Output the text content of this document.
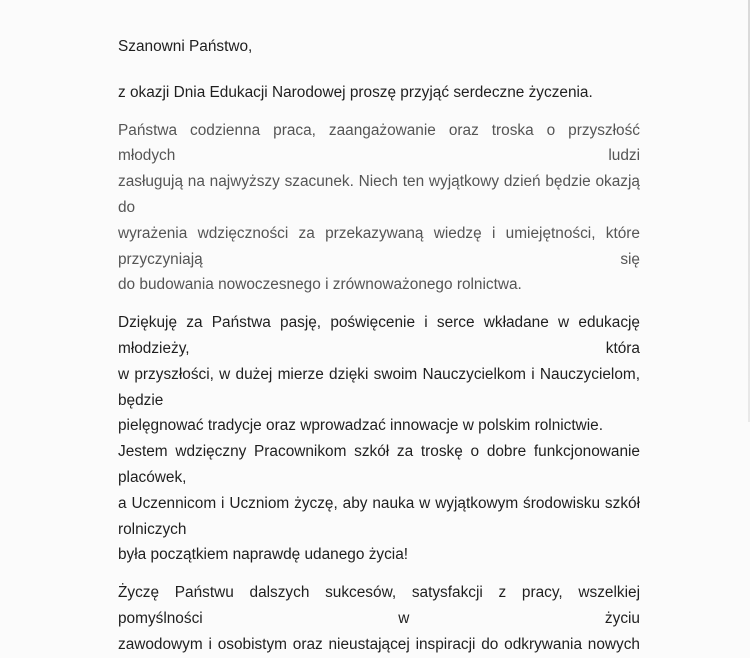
Szanowni Państwo,

z okazji Dnia Edukacji Narodowej proszę przyjąć serdeczne życzenia.

Państwa codzienna praca, zaangażowanie oraz troska o przyszłość młodych ludzi
zasługują na najwyższy szacunek. Niech ten wyjątkowy dzień będzie okazją do
wyrażenia wdzięczności za przekazywaną wiedzę i umiejętności, które przyczyniają się
do budowania nowoczesnego i zrównoważonego rolnictwa.

Dziękuję za Państwa pasję, poświęcenie i serce wkładane w edukację młodzieży, która
w przyszłości, w dużej mierze dzięki swoim Nauczycielkom i Nauczycielom, będzie
pielęgnować tradycje oraz wprowadzać innowacje w polskim rolnictwie.

Jestem wdzięczny Pracownikom szkół za troskę o dobre funkcjonowanie placówek,
a Uczennicom i Uczniom życzę, aby nauka w wyjątkowym środowisku szkół rolniczych
była początkiem naprawdę udanego życia!

Życzę Państwu dalszych sukcesów, satysfakcji z pracy, wszelkiej pomyślności w życiu
zawodowym i osobistym oraz nieustającej inspiracji do odkrywania nowych
